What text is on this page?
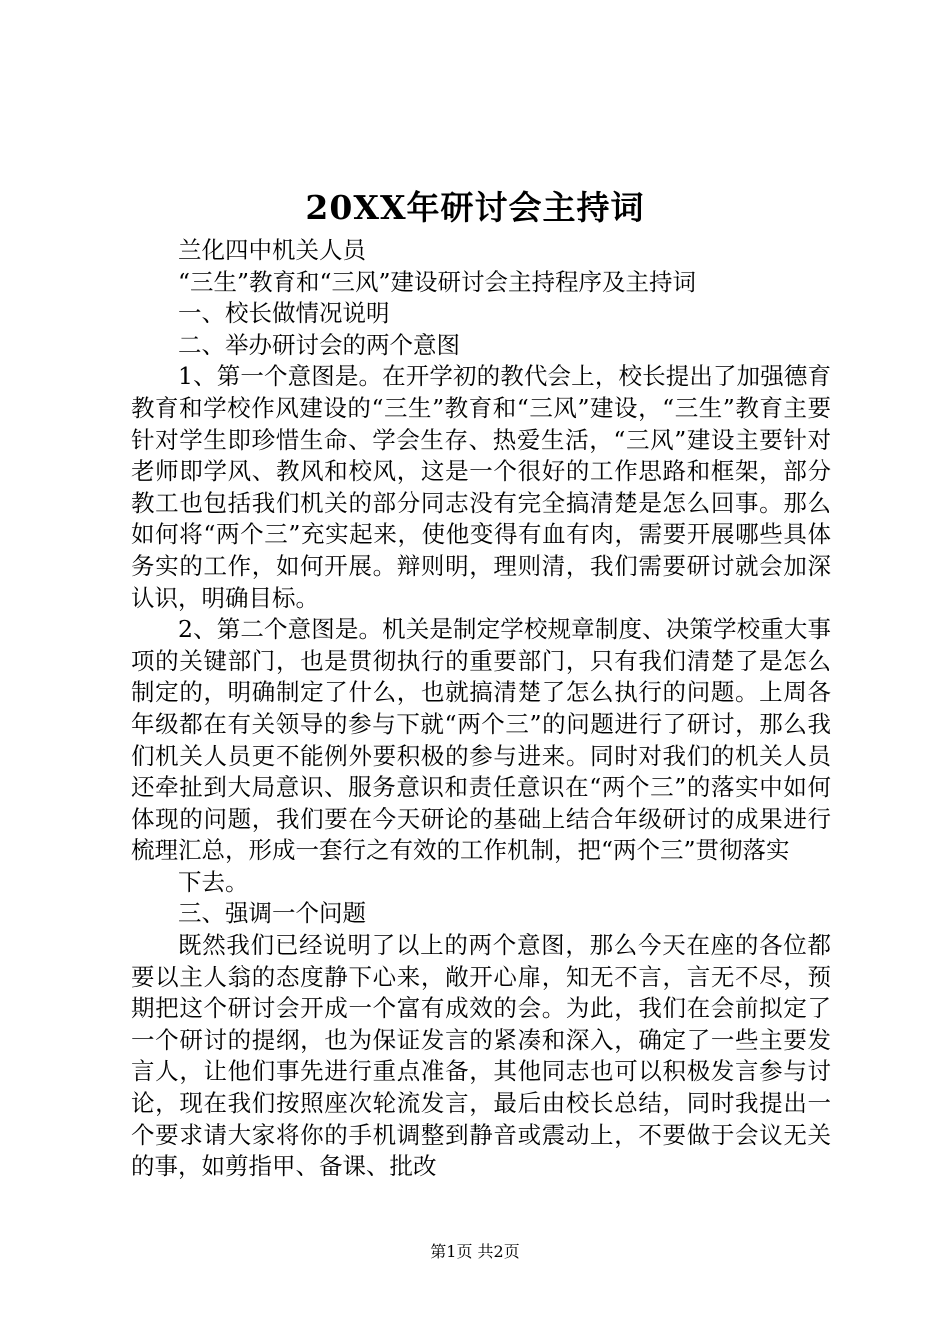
20XX年研讨会主持词

兰化四中机关人员

“三生”教育和“三风”建设研讨会主持程序及主持词

一、校长做情况说明

二、举办研讨会的两个意图

1、第一个意图是。在开学初的教代会上，校长提出了加强德育教育和学校作风建设的“三生”教育和“三风”建设，“三生”教育主要针对学生即珍惜生命、学会生存、热爱生活，“三风”建设主要针对老师即学风、教风和校风，这是一个很好的工作思路和框架，部分教工也包括我们机关的部分同志没有完全搞清楚是怎么回事。那么如何将“两个三”充实起来，使他变得有血有肉，需要开展哪些具体务实的工作，如何开展。辩则明，理则清，我们需要研讨就会加深认识，明确目标。

2、第二个意图是。机关是制定学校规章制度、决策学校重大事项的关键部门，也是贯彻执行的重要部门，只有我们清楚了是怎么制定的，明确制定了什么，也就搞清楚了怎么执行的问题。上周各年级都在有关领导的参与下就“两个三”的问题进行了研讨，那么我们机关人员更不能例外要积极的参与进来。同时对我们的机关人员还牵扯到大局意识、服务意识和责任意识在“两个三”的落实中如何体现的问题，我们要在今天研论的基础上结合年级研讨的成果进行梳理汇总，形成一套行之有效的工作机制，把“两个三”贯彻落实

下去。

三、强调一个问题

既然我们已经说明了以上的两个意图，那么今天在座的各位都要以主人翁的态度静下心来，敞开心扉，知无不言，言无不尽，预期把这个研讨会开成一个富有成效的会。为此，我们在会前拟定了一个研讨的提纲，也为保证发言的紧凑和深入，确定了一些主要发言人，让他们事先进行重点准备，其他同志也可以积极发言参与讨论，现在我们按照座次轮流发言，最后由校长总结，同时我提出一个要求请大家将你的手机调整到静音或震动上，不要做于会议无关的事，如剪指甲、备课、批改

第1页 共2页
